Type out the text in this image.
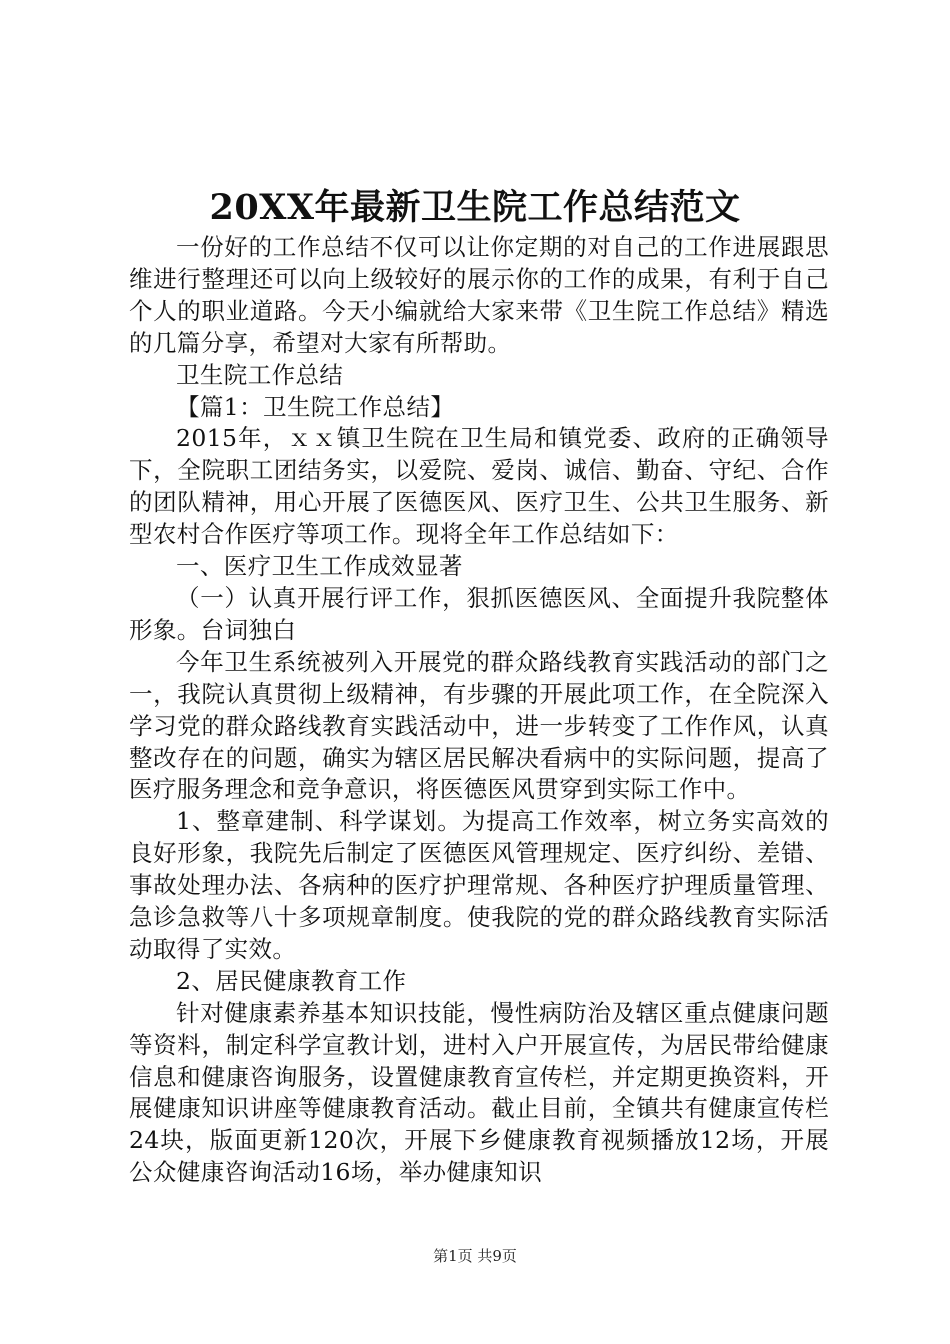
20XX年最新卫生院工作总结范文

一份好的工作总结不仅可以让你定期的对自己的工作进展跟思维进行整理还可以向上级较好的展示你的工作的成果，有利于自己个人的职业道路。今天小编就给大家来带《卫生院工作总结》精选的几篇分享，希望对大家有所帮助。

卫生院工作总结

【篇1：卫生院工作总结】

2015年，ｘｘ镇卫生院在卫生局和镇党委、政府的正确领导下，全院职工团结务实，以爱院、爱岗、诚信、勤奋、守纪、合作的团队精神，用心开展了医德医风、医疗卫生、公共卫生服务、新型农村合作医疗等项工作。现将全年工作总结如下：

一、医疗卫生工作成效显著

（一）认真开展行评工作，狠抓医德医风、全面提升我院整体形象。台词独白

今年卫生系统被列入开展党的群众路线教育实践活动的部门之一，我院认真贯彻上级精神，有步骤的开展此项工作，在全院深入学习党的群众路线教育实践活动中，进一步转变了工作作风，认真整改存在的问题，确实为辖区居民解决看病中的实际问题，提高了医疗服务理念和竞争意识，将医德医风贯穿到实际工作中。

1、整章建制、科学谋划。为提高工作效率，树立务实高效的良好形象，我院先后制定了医德医风管理规定、医疗纠纷、差错、事故处理办法、各病种的医疗护理常规、各种医疗护理质量管理、急诊急救等八十多项规章制度。使我院的党的群众路线教育实际活动取得了实效。

2、居民健康教育工作

针对健康素养基本知识技能，慢性病防治及辖区重点健康问题等资料，制定科学宣教计划，进村入户开展宣传，为居民带给健康信息和健康咨询服务，设置健康教育宣传栏，并定期更换资料，开展健康知识讲座等健康教育活动。截止目前，全镇共有健康宣传栏24块，版面更新120次，开展下乡健康教育视频播放12场，开展公众健康咨询活动16场，举办健康知识

第1页 共9页
